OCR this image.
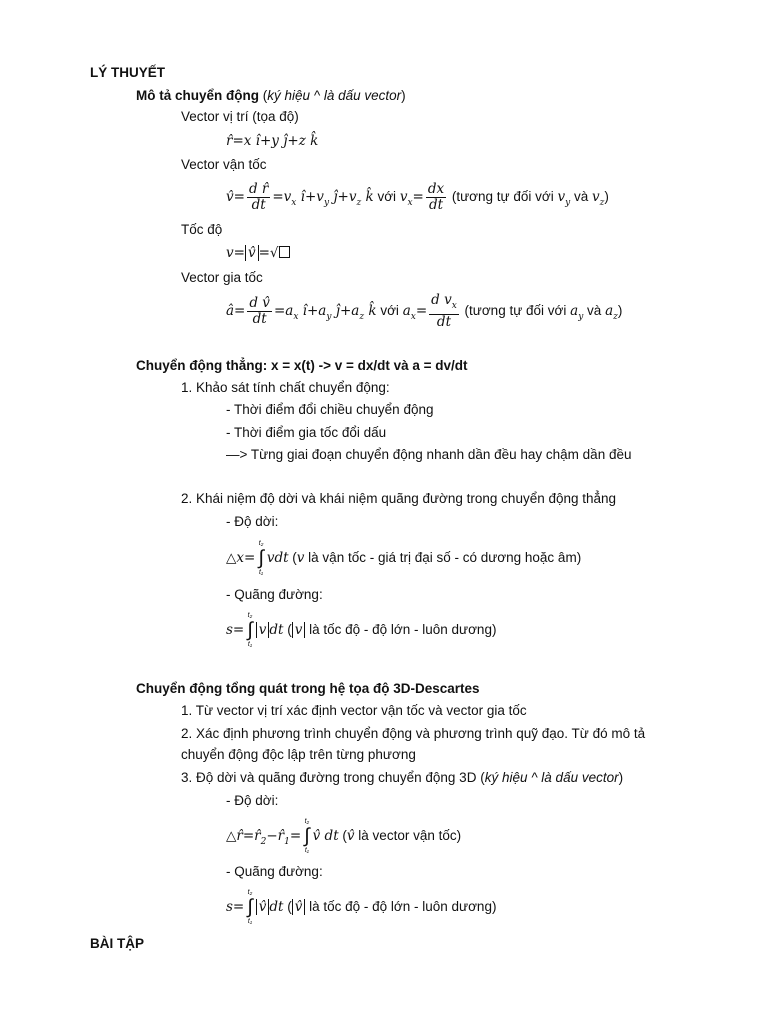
LÝ THUYẾT
Mô tả chuyển động (ký hiệu ^ là dấu vector)
Vector vị trí (tọa độ)
r̂=x î+y ĵ+z k̂
Vector vận tốc
v̂= $\frac{\text{d r̂}}{dt} =v_x$ $î+v_y$ $ĵ+v_z$ k̂ với $v_x= \frac{dx}{dt}$ (tương tự đối với $v_y$ và $v_z$)
Tốc độ
v= v̂ =√
Vector gia tốc
â= $\frac{\text{d v̂}}{dt} =a_x$ $î+a_y$ $ĵ+a_z$ k̂ với $a_x= \frac{d v_x}{dt}$ (tương tự đối với $a_y$ và $a_z$)
Chuyển động thẳng: x = x(t) -> v = dx/dt và a = dv/dt
1. Khảo sát tính chất chuyển động:
- Thời điểm đổi chiều chuyển động
- Thời điểm gia tốc đổi dấu
—> Từng giai đoạn chuyển động nhanh dần đều hay chậm dần đều
2. Khái niệm độ dời và khái niệm quãng đường trong chuyển động thẳng
- Độ dời:
△x=
t₂
∫
t₁
vdt (v là vận tốc - giá trị đại số - có dương hoặc âm)
- Quãng đường:
s=
t₂
∫
t₁
v dt ( v là tốc độ - độ lớn - luôn dương)
Chuyển động tổng quát trong hệ tọa độ 3D-Descartes
1. Từ vector vị trí xác định vector vận tốc và vector gia tốc
2. Xác định phương trình chuyển động và phương trình quỹ đạo. Từ đó mô tả
chuyển động độc lập trên từng phương
3. Độ dời và quãng đường trong chuyển động 3D (ký hiệu ^ là dấu vector)
- Độ dời:
$\triangle r̂=r̂_2-r̂_1=$
t₂
∫
t₁
v̂ dt (v̂ là vector vận tốc)
- Quãng đường:
s=
t₂
∫
t₁
v̂ dt ( v̂ là tốc độ - độ lớn - luôn dương)
BÀI TẬP
